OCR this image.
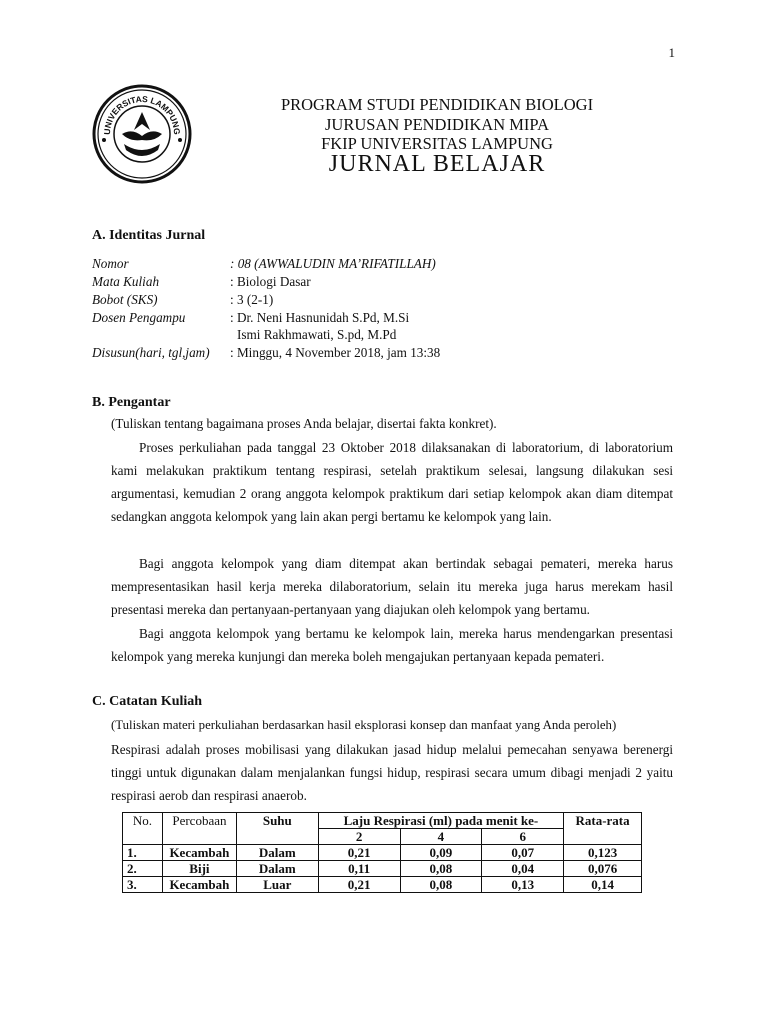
1
UNIVERSITAS LAMPUNG
PROGRAM STUDI PENDIDIKAN BIOLOGI
JURUSAN PENDIDIKAN MIPA
FKIP UNIVERSITAS LAMPUNG
JURNAL BELAJAR
A. Identitas Jurnal
Nomor	: 08 (AWWALUDIN MA’RIFATILLAH)
Mata Kuliah	: Biologi Dasar
Bobot (SKS)	: 3 (2-1)
Dosen Pengampu	: Dr. Neni Hasnunidah S.Pd, M.Si
Ismi Rakhmawati, S.pd, M.Pd
Disusun(hari, tgl,jam) : Minggu, 4 November 2018, jam 13:38
B. Pengantar
(Tuliskan tentang bagaimana proses Anda belajar, disertai fakta konkret).
Proses perkuliahan pada tanggal 23 Oktober 2018 dilaksanakan di laboratorium, di laboratorium kami melakukan praktikum tentang respirasi, setelah praktikum selesai, langsung dilakukan sesi argumentasi, kemudian 2 orang anggota kelompok praktikum dari setiap kelompok akan diam ditempat sedangkan anggota kelompok yang lain akan pergi bertamu ke kelompok yang lain.
Bagi anggota kelompok yang diam ditempat akan bertindak sebagai pemateri, mereka harus mempresentasikan hasil kerja mereka dilaboratorium, selain itu mereka juga harus merekam hasil presentasi mereka dan pertanyaan-pertanyaan yang diajukan oleh kelompok yang bertamu.
Bagi anggota kelompok yang bertamu ke kelompok lain, mereka harus mendengarkan presentasi kelompok yang mereka kunjungi dan mereka boleh mengajukan pertanyaan kepada pemateri.
C. Catatan Kuliah
(Tuliskan materi perkuliahan berdasarkan hasil eksplorasi konsep dan manfaat yang Anda peroleh)
Respirasi adalah proses mobilisasi yang dilakukan jasad hidup melalui pemecahan senyawa berenergi tinggi untuk digunakan dalam menjalankan fungsi hidup, respirasi secara umum dibagi menjadi 2 yaitu respirasi aerob dan respirasi anaerob.
No.	Percobaan	Suhu	Laju Respirasi (ml) pada menit ke-			Rata-rata
			2	4	6	
1.	Kecambah	Dalam	0,21	0,09	0,07	0,123
2.	Biji	Dalam	0,11	0,08	0,04	0,076
3.	Kecambah	Luar	0,21	0,08	0,13	0,14
